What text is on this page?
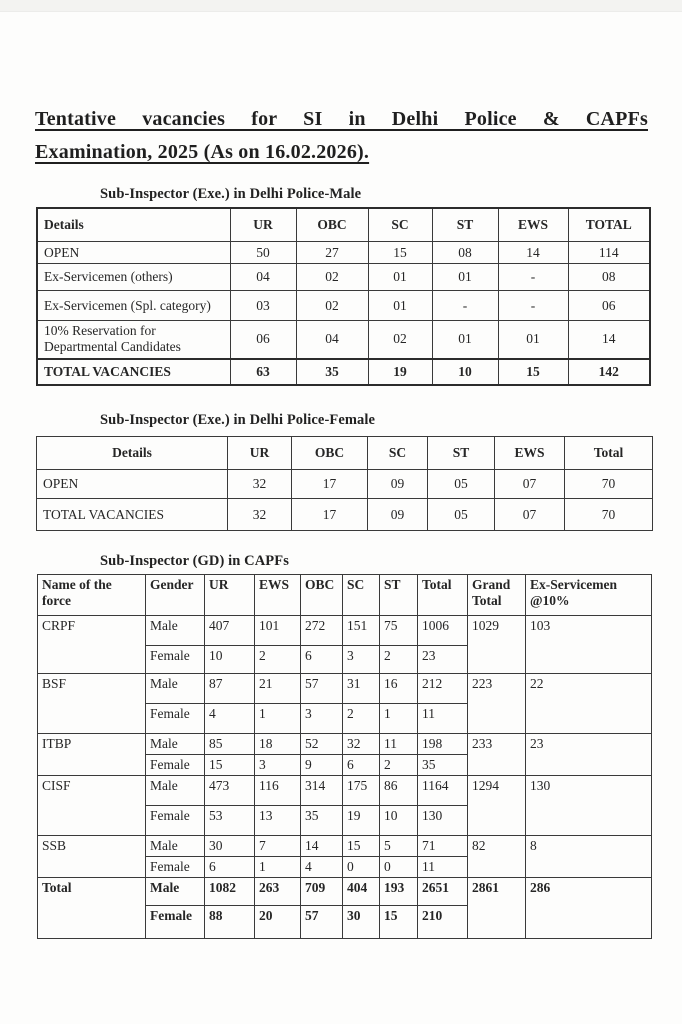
Tentative vacancies for SI in Delhi Police & CAPFs
Examination, 2025 (As on 16.02.2026).
Sub-Inspector (Exe.) in Delhi Police-Male
Details	UR	OBC	SC	ST	EWS	TOTAL
OPEN	50	27	15	08	14	114
Ex-Servicemen (others)	04	02	01	01	-	08
Ex-Servicemen (Spl. category)	03	02	01	-	-	06
10% Reservation for Departmental Candidates	06	04	02	01	01	14
TOTAL VACANCIES	63	35	19	10	15	142
Sub-Inspector (Exe.) in Delhi Police-Female
Details	UR	OBC	SC	ST	EWS	Total
OPEN	32	17	09	05	07	70
TOTAL VACANCIES	32	17	09	05	07	70
Sub-Inspector (GD) in CAPFs
Name of the force	Gender	UR	EWS	OBC	SC	ST	Total	Grand Total	Ex-Servicemen @10%
CRPF	Male	407	101	272	151	75	1006	1029	103
	Female	10	2	6	3	2	23		
BSF	Male	87	21	57	31	16	212	223	22
	Female	4	1	3	2	1	11		
ITBP	Male	85	18	52	32	11	198	233	23
	Female	15	3	9	6	2	35		
CISF	Male	473	116	314	175	86	1164	1294	130
	Female	53	13	35	19	10	130		
SSB	Male	30	7	14	15	5	71	82	8
	Female	6	1	4	0	0	11		
Total	Male	1082	263	709	404	193	2651	2861	286
	Female	88	20	57	30	15	210		
